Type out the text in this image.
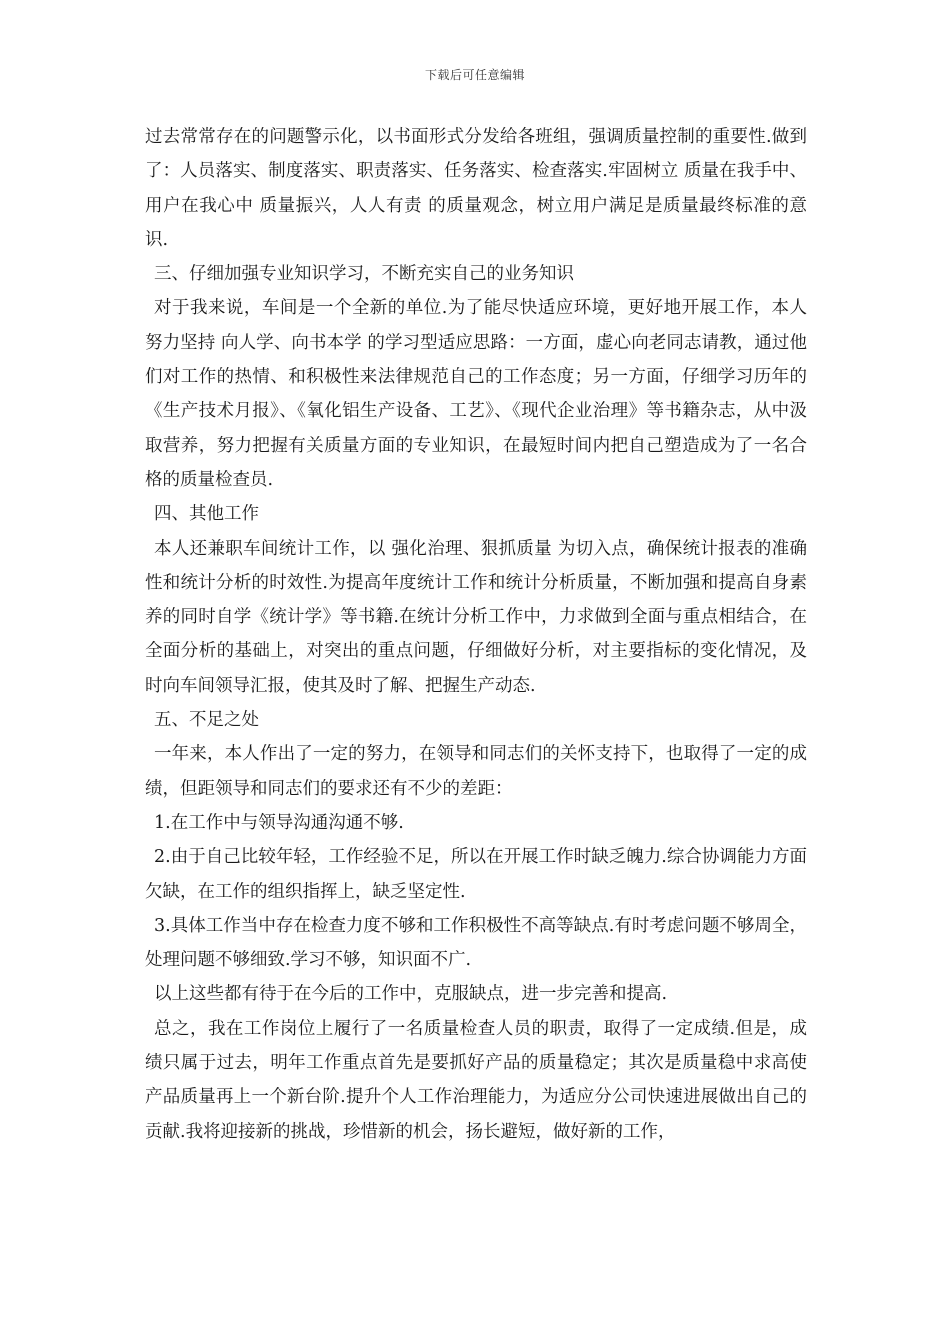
下载后可任意编辑

过去常常存在的问题警示化，以书面形式分发给各班组，强调质量控制的重要性.做到了：人员落实、制度落实、职责落实、任务落实、检查落实.牢固树立 质量在我手中、用户在我心中 质量振兴，人人有责 的质量观念，树立用户满足是质量最终标准的意识.

三、仔细加强专业知识学习，不断充实自己的业务知识

对于我来说，车间是一个全新的单位.为了能尽快适应环境，更好地开展工作，本人努力坚持 向人学、向书本学 的学习型适应思路：一方面，虚心向老同志请教，通过他们对工作的热情、和积极性来法律规范自己的工作态度；另一方面，仔细学习历年的《生产技术月报》、《氧化铝生产设备、工艺》、《现代企业治理》等书籍杂志，从中汲取营养，努力把握有关质量方面的专业知识，在最短时间内把自己塑造成为了一名合格的质量检查员.

四、其他工作

本人还兼职车间统计工作，以 强化治理、狠抓质量 为切入点，确保统计报表的准确性和统计分析的时效性.为提高年度统计工作和统计分析质量，不断加强和提高自身素养的同时自学《统计学》等书籍.在统计分析工作中，力求做到全面与重点相结合，在全面分析的基础上，对突出的重点问题，仔细做好分析，对主要指标的变化情况，及时向车间领导汇报，使其及时了解、把握生产动态.

五、不足之处

一年来，本人作出了一定的努力，在领导和同志们的关怀支持下，也取得了一定的成绩，但距领导和同志们的要求还有不少的差距：

1.在工作中与领导沟通沟通不够.

2.由于自己比较年轻，工作经验不足，所以在开展工作时缺乏魄力.综合协调能力方面欠缺，在工作的组织指挥上，缺乏坚定性.

3.具体工作当中存在检查力度不够和工作积极性不高等缺点.有时考虑问题不够周全，处理问题不够细致.学习不够，知识面不广.

以上这些都有待于在今后的工作中，克服缺点，进一步完善和提高.

总之，我在工作岗位上履行了一名质量检查人员的职责，取得了一定成绩.但是，成绩只属于过去，明年工作重点首先是要抓好产品的质量稳定；其次是质量稳中求高使产品质量再上一个新台阶.提升个人工作治理能力，为适应分公司快速进展做出自己的贡献.我将迎接新的挑战，珍惜新的机会，扬长避短，做好新的工作，
